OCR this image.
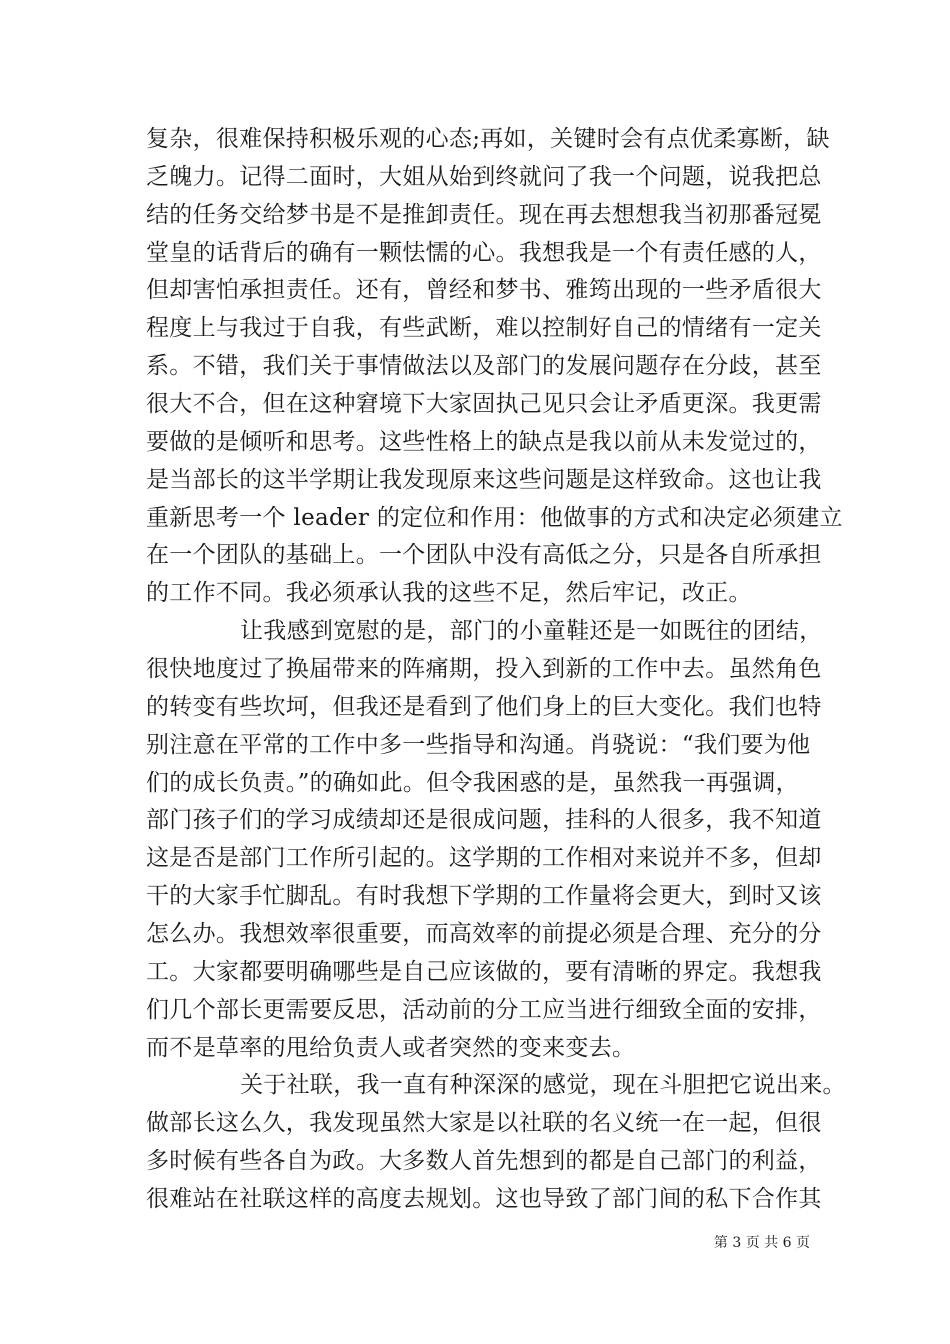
复杂，很难保持积极乐观的心态;再如，关键时会有点优柔寡断，缺
乏魄力。记得二面时，大姐从始到终就问了我一个问题，说我把总
结的任务交给梦书是不是推卸责任。现在再去想想我当初那番冠冕
堂皇的话背后的确有一颗怯懦的心。我想我是一个有责任感的人，
但却害怕承担责任。还有，曾经和梦书、雅筠出现的一些矛盾很大
程度上与我过于自我，有些武断，难以控制好自己的情绪有一定关
系。不错，我们关于事情做法以及部门的发展问题存在分歧，甚至
很大不合，但在这种窘境下大家固执己见只会让矛盾更深。我更需
要做的是倾听和思考。这些性格上的缺点是我以前从未发觉过的，
是当部长的这半学期让我发现原来这些问题是这样致命。这也让我
重新思考一个 leader 的定位和作用：他做事的方式和决定必须建立
在一个团队的基础上。一个团队中没有高低之分，只是各自所承担
的工作不同。我必须承认我的这些不足，然后牢记，改正。
让我感到宽慰的是，部门的小童鞋还是一如既往的团结，
很快地度过了换届带来的阵痛期，投入到新的工作中去。虽然角色
的转变有些坎坷，但我还是看到了他们身上的巨大变化。我们也特
别注意在平常的工作中多一些指导和沟通。肖骁说：“我们要为他
们的成长负责。”的确如此。但令我困惑的是，虽然我一再强调，
部门孩子们的学习成绩却还是很成问题，挂科的人很多，我不知道
这是否是部门工作所引起的。这学期的工作相对来说并不多，但却
干的大家手忙脚乱。有时我想下学期的工作量将会更大，到时又该
怎么办。我想效率很重要，而高效率的前提必须是合理、充分的分
工。大家都要明确哪些是自己应该做的，要有清晰的界定。我想我
们几个部长更需要反思，活动前的分工应当进行细致全面的安排，
而不是草率的甩给负责人或者突然的变来变去。
关于社联，我一直有种深深的感觉，现在斗胆把它说出来。
做部长这么久，我发现虽然大家是以社联的名义统一在一起，但很
多时候有些各自为政。大多数人首先想到的都是自己部门的利益，
很难站在社联这样的高度去规划。这也导致了部门间的私下合作其
第 3 页 共 6 页
